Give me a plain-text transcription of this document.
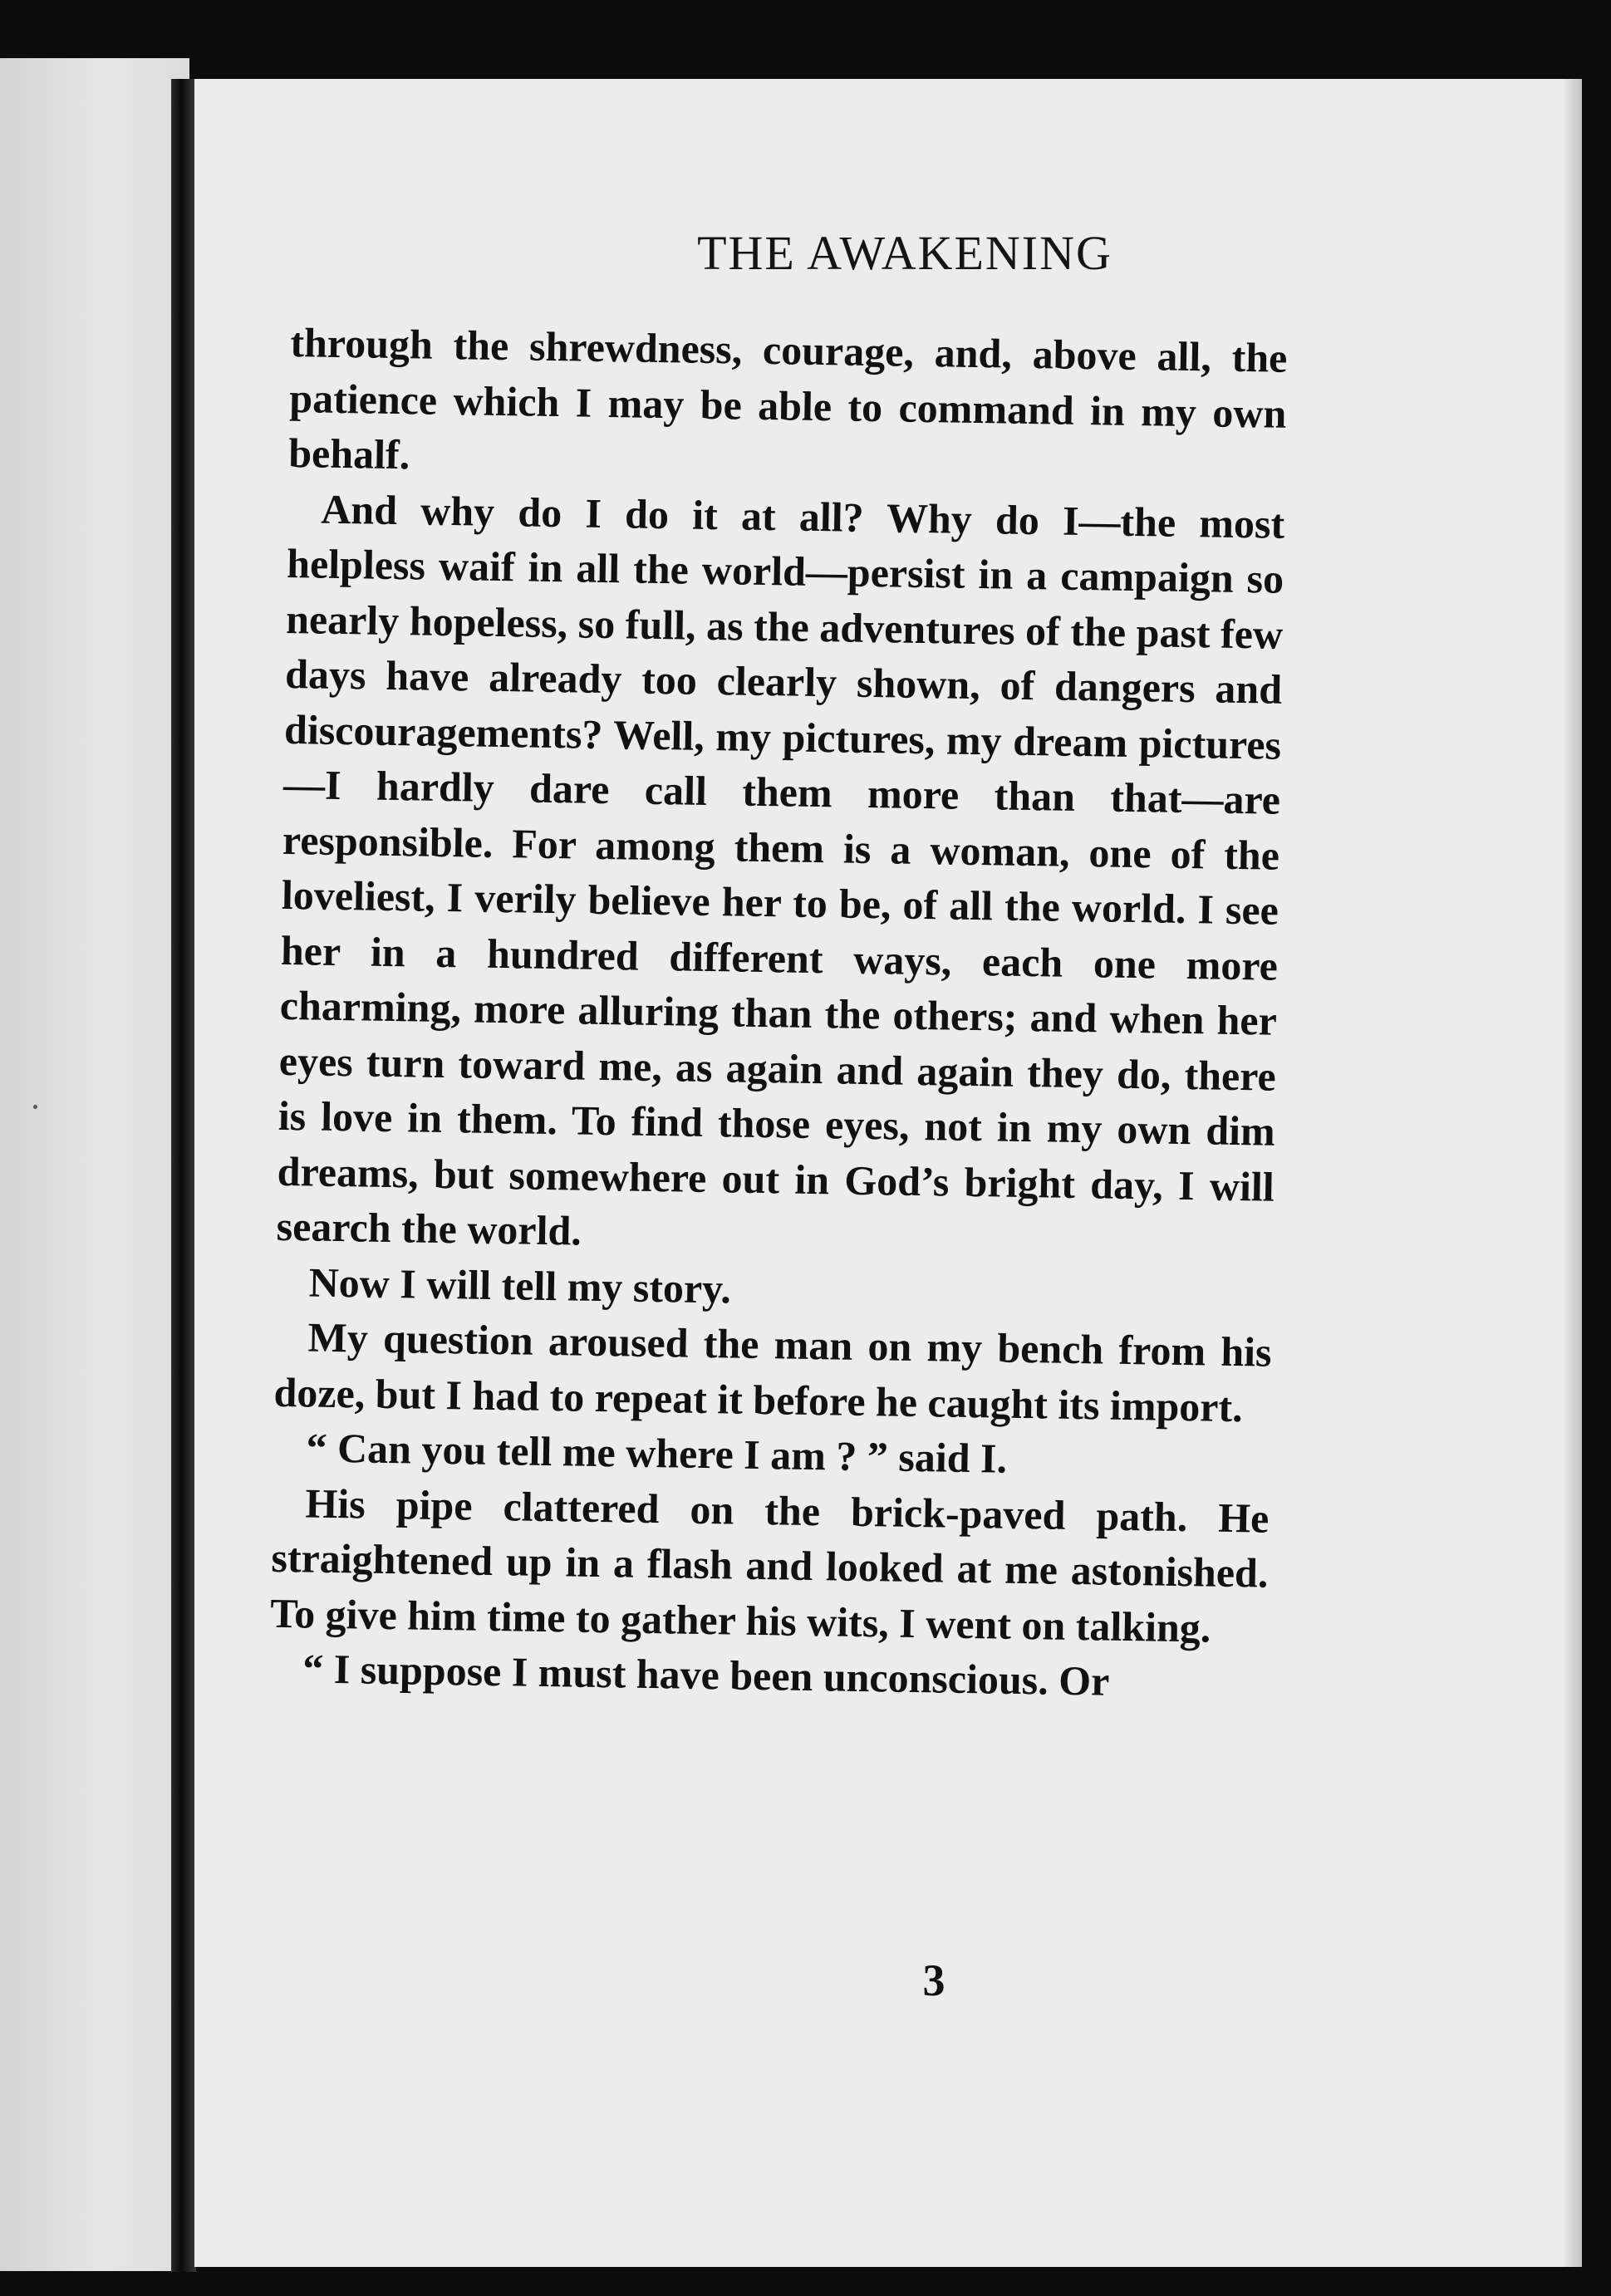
THE AWAKENING

through the shrewdness, courage, and, above all, the patience which I may be able to command in my own behalf.

And why do I do it at all? Why do I—the most helpless waif in all the world—persist in a campaign so nearly hopeless, so full, as the adventures of the past few days have already too clearly shown, of dangers and discouragements? Well, my pictures, my dream pictures—I hardly dare call them more than that—are responsible. For among them is a woman, one of the loveliest, I verily believe her to be, of all the world. I see her in a hundred different ways, each one more charming, more alluring than the others; and when her eyes turn toward me, as again and again they do, there is love in them. To find those eyes, not in my own dim dreams, but somewhere out in God’s bright day, I will search the world.

Now I will tell my story.

My question aroused the man on my bench from his doze, but I had to repeat it before he caught its import.

“ Can you tell me where I am ? ” said I.

His pipe clattered on the brick-paved path. He straightened up in a flash and looked at me astonished. To give him time to gather his wits, I went on talking.

“ I suppose I must have been unconscious. Or

3
